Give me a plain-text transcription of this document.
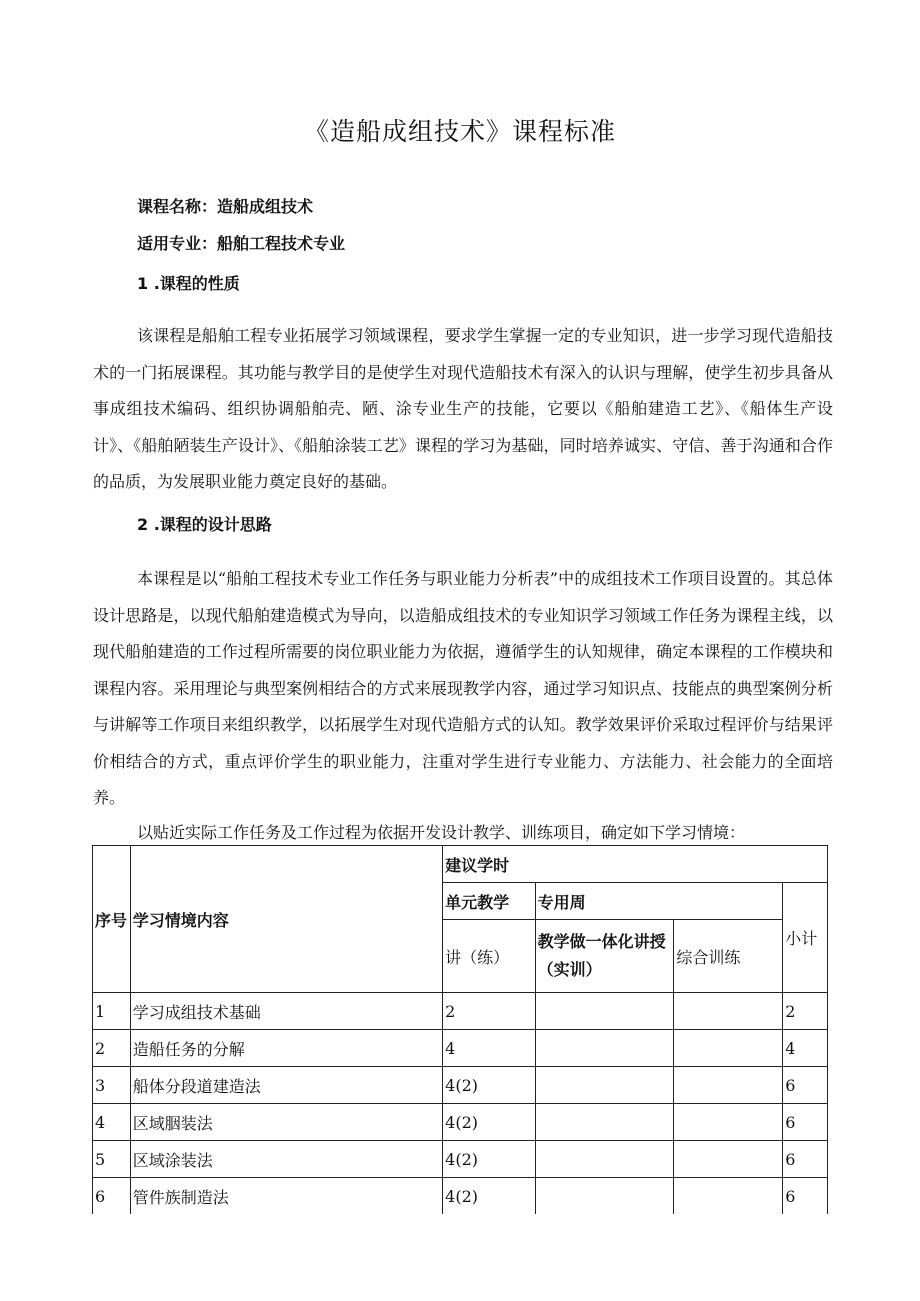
《造船成组技术》课程标准
课程名称：造船成组技术
适用专业：船舶工程技术专业
1 .课程的性质

该课程是船舶工程专业拓展学习领域课程，要求学生掌握一定的专业知识，进一步学习现代造船技术的一门拓展课程。其功能与教学目的是使学生对现代造船技术有深入的认识与理解，使学生初步具备从事成组技术编码、组织协调船舶壳、陋、涂专业生产的技能，它要以《船舶建造工艺》、《船体生产设计》、《船舶陋装生产设计》、《船舶涂装工艺》课程的学习为基础，同时培养诚实、守信、善于沟通和合作的品质，为发展职业能力奠定良好的基础。

2 .课程的设计思路

本课程是以“船舶工程技术专业工作任务与职业能力分析表”中的成组技术工作项目设置的。其总体设计思路是，以现代船舶建造模式为导向，以造船成组技术的专业知识学习领域工作任务为课程主线，以现代船舶建造的工作过程所需要的岗位职业能力为依据，遵循学生的认知规律，确定本课程的工作模块和课程内容。采用理论与典型案例相结合的方式来展现教学内容，通过学习知识点、技能点的典型案例分析与讲解等工作项目来组织教学，以拓展学生对现代造船方式的认知。教学效果评价采取过程评价与结果评价相结合的方式，重点评价学生的职业能力，注重对学生进行专业能力、方法能力、社会能力的全面培养。

以贴近实际工作任务及工作过程为依据开发设计教学、训练项目，确定如下学习情境：
序号	学习情境内容	建议学时			
		单元教学	专用周		小计
		讲（练）	教学做一体化讲授（实训）	综合训练	
1	学习成组技术基础	2			2
2	造船任务的分解	4			4
3	船体分段道建造法	4(2)			6
4	区域胭装法	4(2)			6
5	区域涂装法	4(2)			6
6	管件族制造法	4(2)			6
